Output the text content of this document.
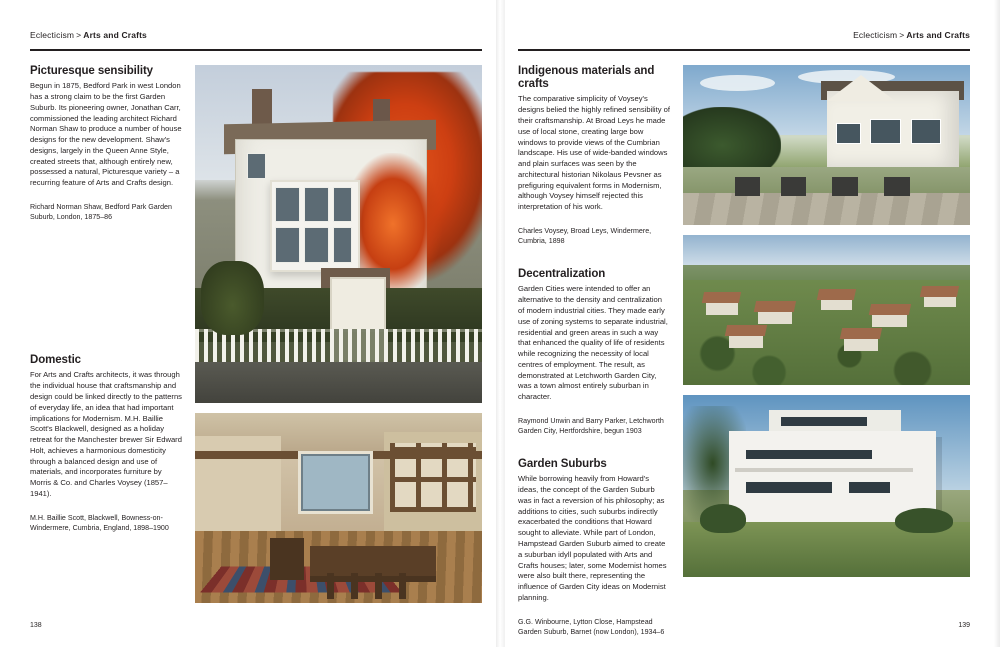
Eclecticism > Arts and Crafts
Picturesque sensibility

Begun in 1875, Bedford Park in west London has a strong claim to be the first Garden Suburb. Its pioneering owner, Jonathan Carr, commissioned the leading architect Richard Norman Shaw to produce a number of house designs for the new development. Shaw's designs, largely in the Queen Anne Style, created streets that, although entirely new, possessed a natural, Picturesque variety – a recurring feature of Arts and Crafts design.

Richard Norman Shaw, Bedford Park Garden Suburb, London, 1875–86

Domestic

For Arts and Crafts architects, it was through the individual house that craftsmanship and design could be linked directly to the patterns of everyday life, an idea that had important implications for Modernism. M.H. Baillie Scott's Blackwell, designed as a holiday retreat for the Manchester brewer Sir Edward Holt, achieves a harmonious domesticity through a balanced design and use of materials, and incorporates furniture by Morris & Co. and Charles Voysey (1857–1941).

M.H. Baillie Scott, Blackwell, Bowness-on-Windermere, Cumbria, England, 1898–1900

138
Eclecticism > Arts and Crafts
Indigenous materials and crafts

The comparative simplicity of Voysey's designs belied the highly refined sensibility of their craftsmanship. At Broad Leys he made use of local stone, creating large bow windows to provide views of the Cumbrian landscape. His use of wide-banded windows and plain surfaces was seen by the architectural historian Nikolaus Pevsner as prefiguring equivalent forms in Modernism, although Voysey himself rejected this interpretation of his work.

Charles Voysey, Broad Leys, Windermere, Cumbria, 1898

Decentralization

Garden Cities were intended to offer an alternative to the density and centralization of modern industrial cities. They made early use of zoning systems to separate industrial, residential and green areas in such a way that enhanced the quality of life of residents while recognizing the necessity of local centres of employment. The result, as demonstrated at Letchworth Garden City, was a town almost entirely suburban in character.

Raymond Unwin and Barry Parker, Letchworth Garden City, Hertfordshire, begun 1903

Garden Suburbs

While borrowing heavily from Howard's ideas, the concept of the Garden Suburb was in fact a reversion of his philosophy; as additions to cities, such suburbs indirectly exacerbated the conditions that Howard sought to alleviate. While part of London, Hampstead Garden Suburb aimed to create a suburban idyll populated with Arts and Crafts houses; later, some Modernist homes were also built there, representing the influence of Garden City ideas on Modernist planning.

G.G. Winbourne, Lytton Close, Hampstead Garden Suburb, Barnet (now London), 1934–6

139
